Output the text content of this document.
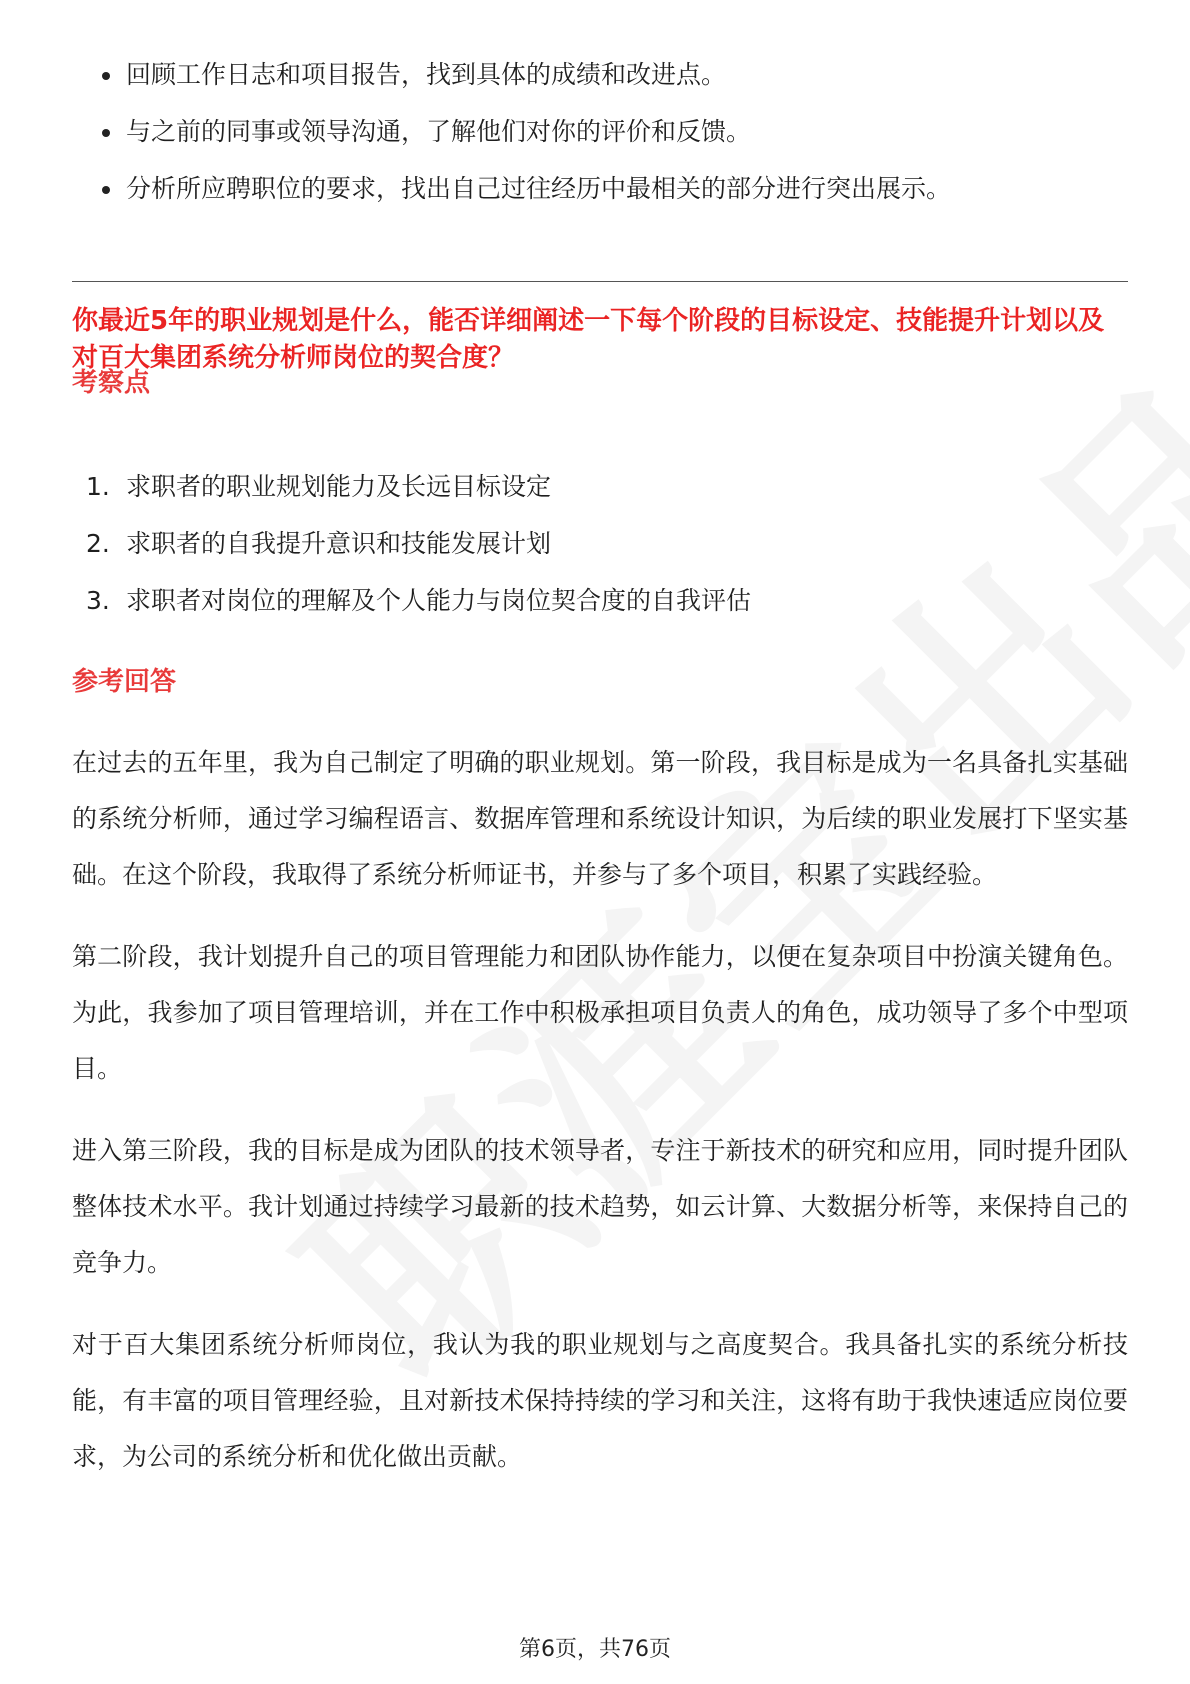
回顾工作日志和项目报告，找到具体的成绩和改进点。
与之前的同事或领导沟通，了解他们对你的评价和反馈。
分析所应聘职位的要求，找出自己过往经历中最相关的部分进行突出展示。
你最近5年的职业规划是什么，能否详细阐述一下每个阶段的目标设定、技能提升计划以及对百大集团系统分析师岗位的契合度？
考察点
1. 求职者的职业规划能力及长远目标设定
2. 求职者的自我提升意识和技能发展计划
3. 求职者对岗位的理解及个人能力与岗位契合度的自我评估
参考回答

在过去的五年里，我为自己制定了明确的职业规划。第一阶段，我目标是成为一名具备扎实基础的系统分析师，通过学习编程语言、数据库管理和系统设计知识，为后续的职业发展打下坚实基础。在这个阶段，我取得了系统分析师证书，并参与了多个项目，积累了实践经验。

第二阶段，我计划提升自己的项目管理能力和团队协作能力，以便在复杂项目中扮演关键角色。为此，我参加了项目管理培训，并在工作中积极承担项目负责人的角色，成功领导了多个中型项目。

进入第三阶段，我的目标是成为团队的技术领导者，专注于新技术的研究和应用，同时提升团队整体技术水平。我计划通过持续学习最新的技术趋势，如云计算、大数据分析等，来保持自己的竞争力。

对于百大集团系统分析师岗位，我认为我的职业规划与之高度契合。我具备扎实的系统分析技能，有丰富的项目管理经验，且对新技术保持持续的学习和关注，这将有助于我快速适应岗位要求，为公司的系统分析和优化做出贡献。

第6页，共76页
